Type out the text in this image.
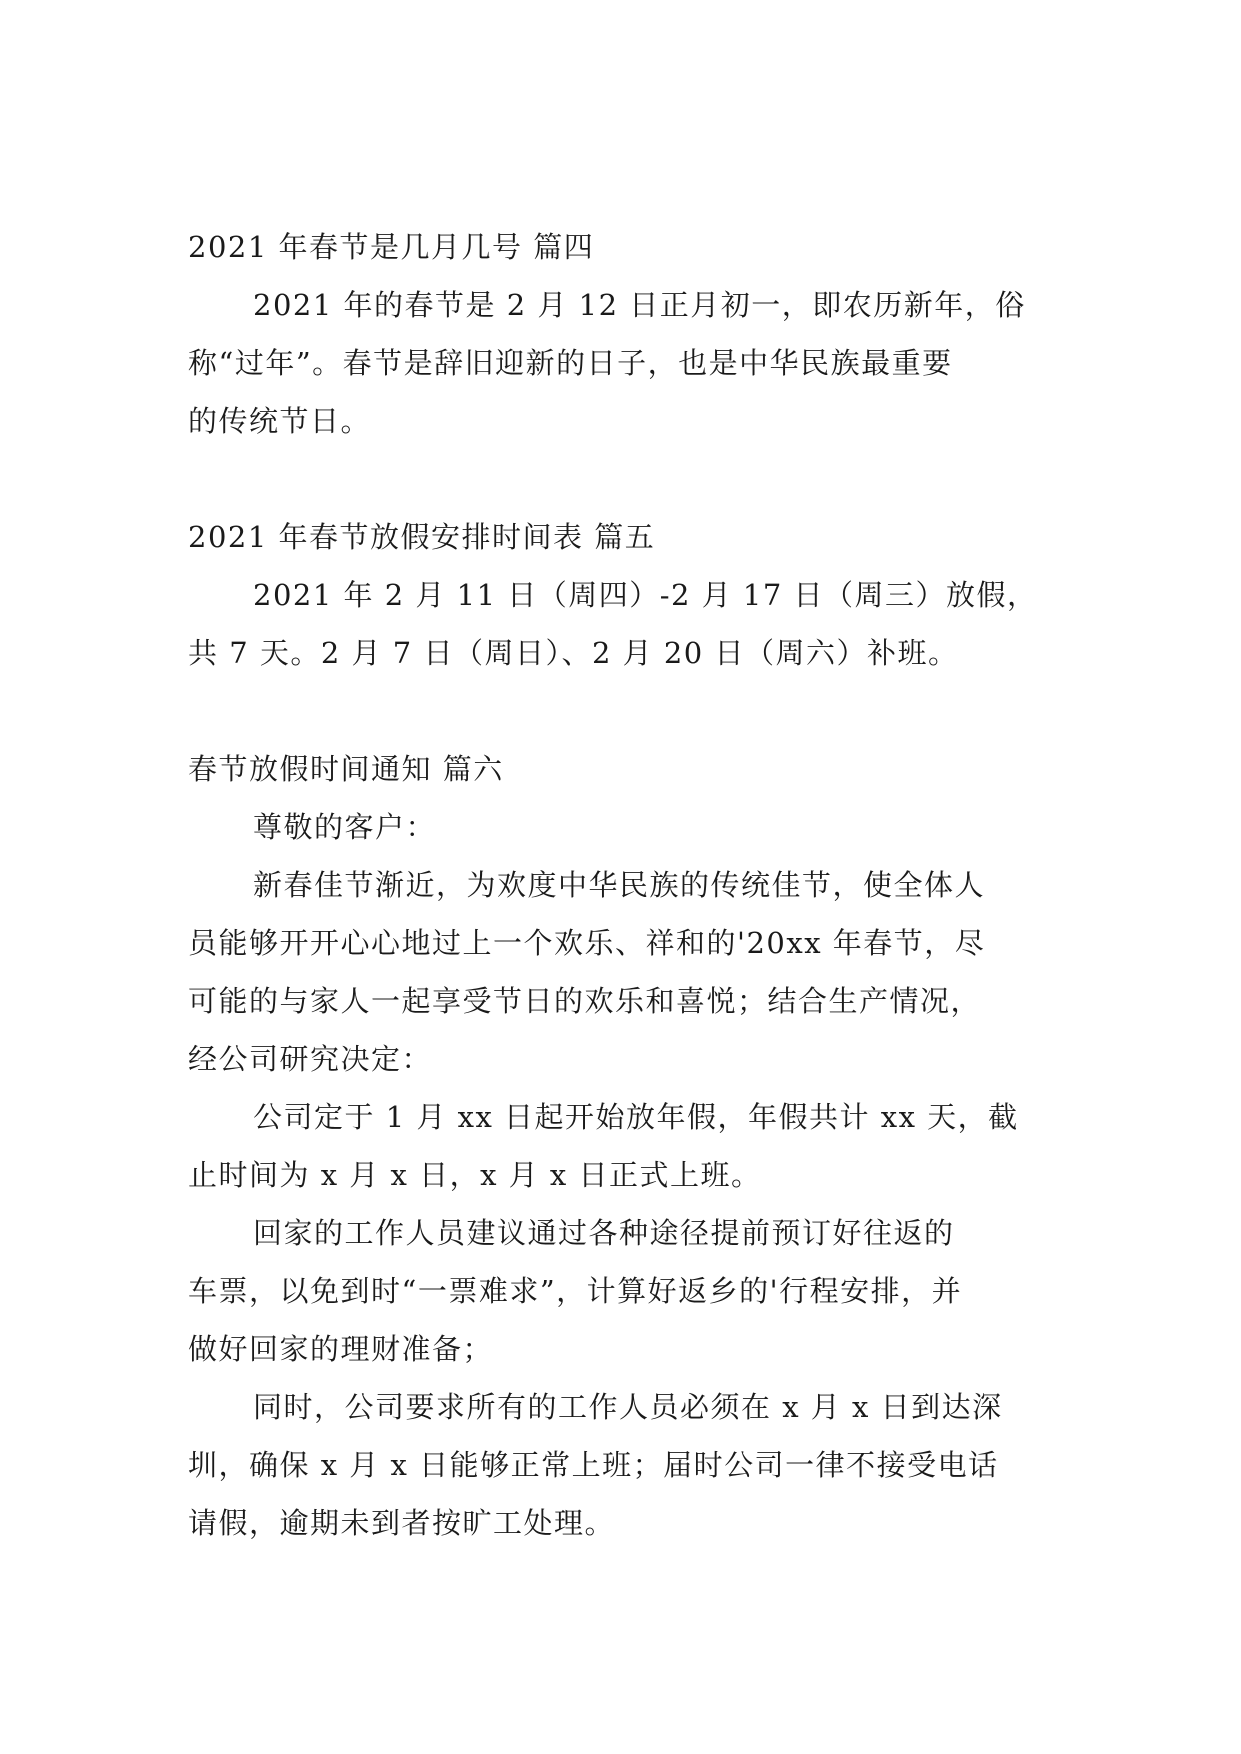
2021 年春节是几月几号 篇四
2021 年的春节是 2 月 12 日正月初一，即农历新年，俗
称“过年”。春节是辞旧迎新的日子，也是中华民族最重要
的传统节日。
2021 年春节放假安排时间表 篇五
2021 年 2 月 11 日（周四）-2 月 17 日（周三）放假，
共 7 天。2 月 7 日（周日）、2 月 20 日（周六）补班。
春节放假时间通知 篇六
尊敬的客户：
新春佳节渐近，为欢度中华民族的传统佳节，使全体人
员能够开开心心地过上一个欢乐、祥和的'20xx 年春节，尽
可能的与家人一起享受节日的欢乐和喜悦；结合生产情况，
经公司研究决定：
公司定于 1 月 xx 日起开始放年假，年假共计 xx 天，截
止时间为 x 月 x 日，x 月 x 日正式上班。
回家的工作人员建议通过各种途径提前预订好往返的
车票，以免到时“一票难求”，计算好返乡的'行程安排，并
做好回家的理财准备；
同时，公司要求所有的工作人员必须在 x 月 x 日到达深
圳，确保 x 月 x 日能够正常上班；届时公司一律不接受电话
请假，逾期未到者按旷工处理。
